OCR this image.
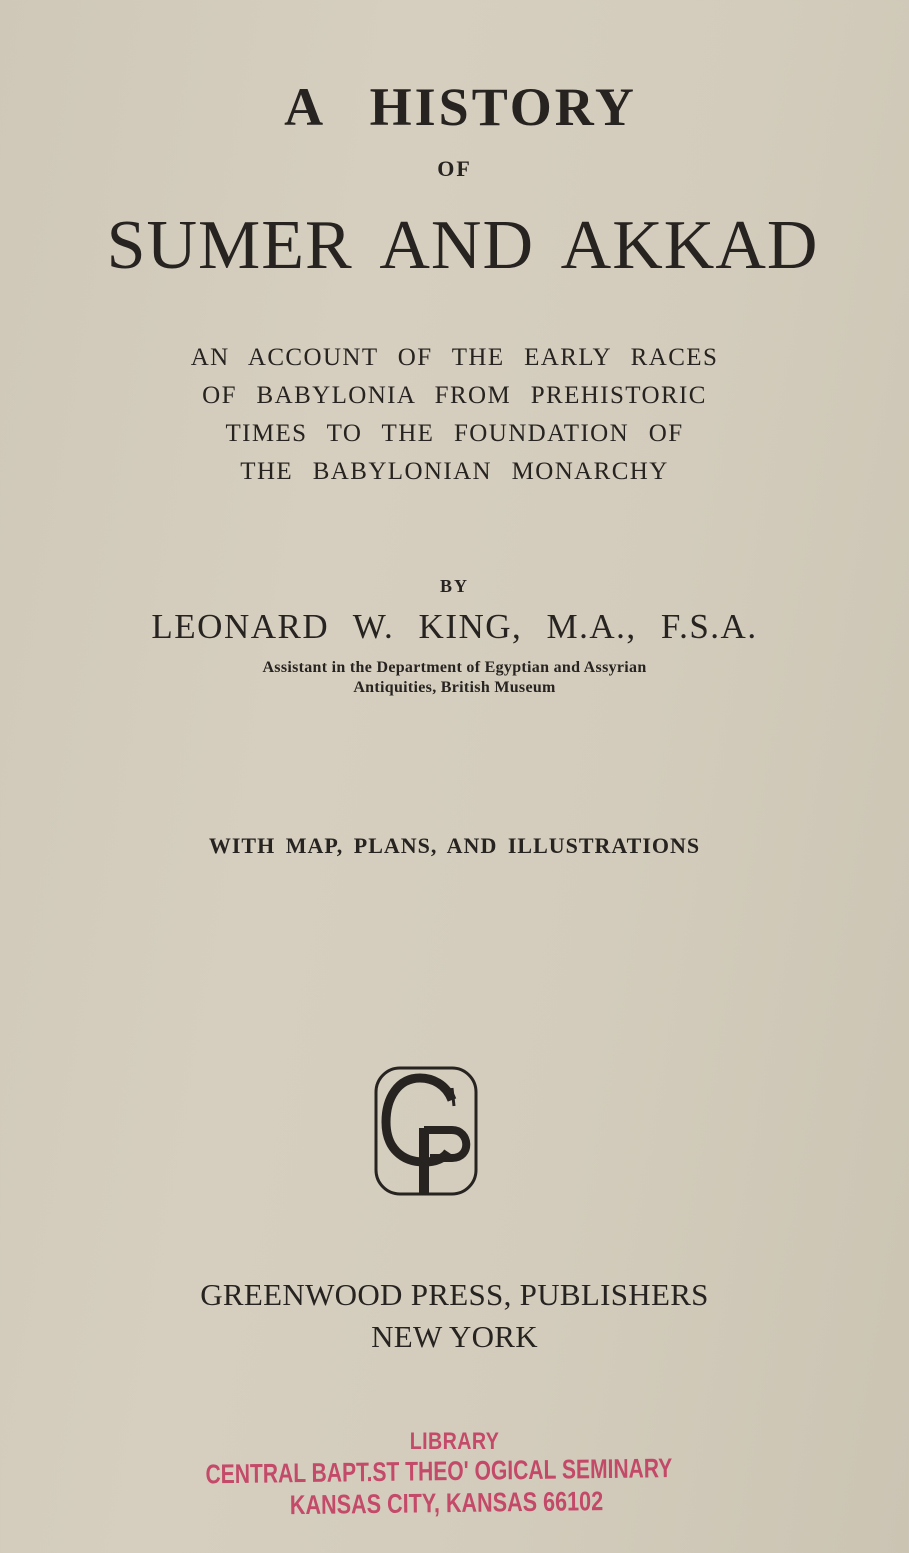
A HISTORY
OF
SUMER AND AKKAD
AN ACCOUNT OF THE EARLY RACES
OF BABYLONIA FROM PREHISTORIC
TIMES TO THE FOUNDATION OF
THE BABYLONIAN MONARCHY
BY
LEONARD W. KING, M.A., F.S.A.
Assistant in the Department of Egyptian and Assyrian
Antiquities, British Museum
WITH MAP, PLANS, AND ILLUSTRATIONS
GREENWOOD PRESS, PUBLISHERS
NEW YORK
LIBRARY
CENTRAL BAPT.ST THEO' OGICAL SEMINARY
KANSAS CITY, KANSAS 66102
